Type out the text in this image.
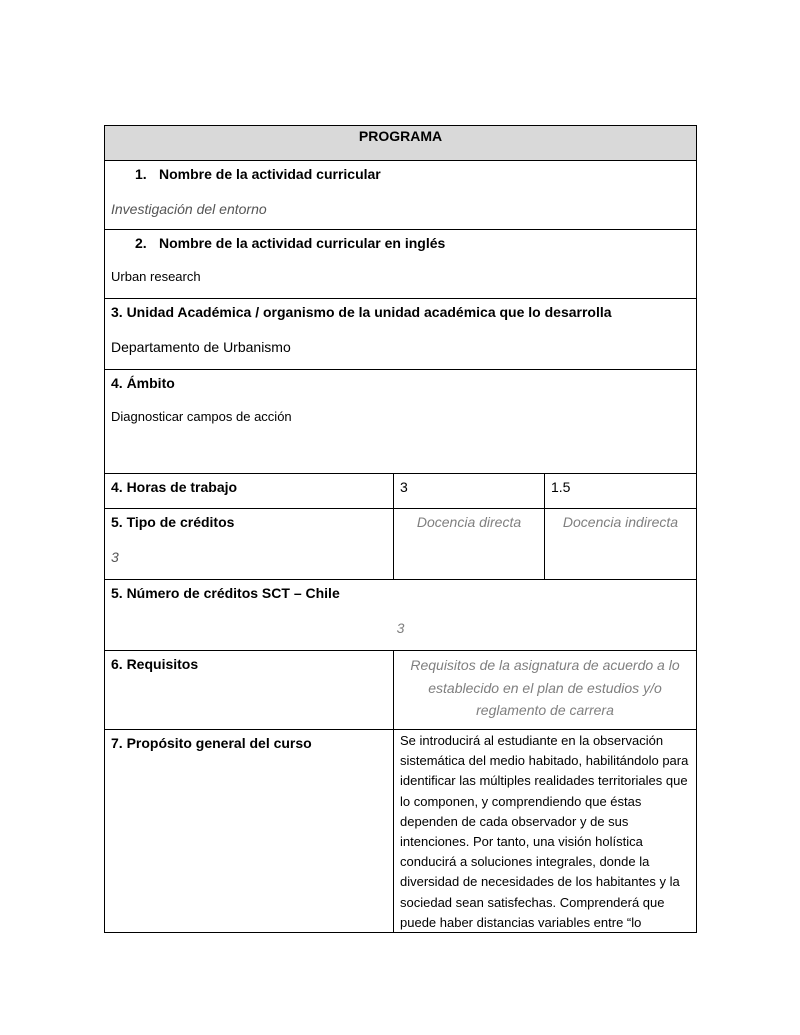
PROGRAMA		

1. Nombre de la actividad curricular

Investigación del entorno		

2. Nombre de la actividad curricular en inglés

Urban research		

3. Unidad Académica / organismo de la unidad académica que lo desarrolla

Departamento de Urbanismo		

4. Ámbito

Diagnosticar campos de acción		

4. Horas de trabajo	3	1.5

5. Tipo de créditos

3	Docencia directa	Docencia indirecta

5. Número de créditos SCT – Chile

3		

6. Requisitos	Requisitos de la asignatura de acuerdo a lo establecido en el plan de estudios y/o reglamento de carrera	

7. Propósito general del curso	Se introducirá al estudiante en la observación sistemática del medio habitado, habilitándolo para identificar las múltiples realidades territoriales que lo componen, y comprendiendo que éstas dependen de cada observador y de sus intenciones. Por tanto, una visión holística conducirá a soluciones integrales, donde la diversidad de necesidades de los habitantes y la sociedad sean satisfechas. Comprenderá que puede haber distancias variables entre “lo	
